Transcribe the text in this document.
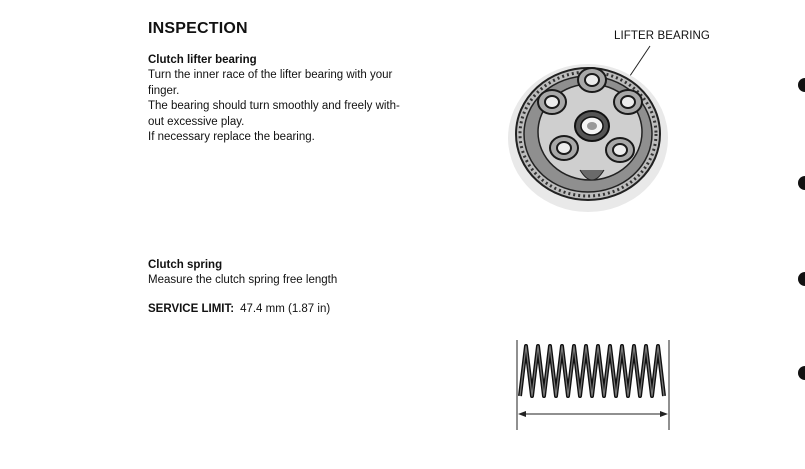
INSPECTION
Clutch lifter bearing

Turn the inner race of the lifter bearing with your

finger.

The bearing should turn smoothly and freely with-

out excessive play.

If necessary replace the bearing.

Clutch spring
Measure the clutch spring free length
SERVICE LIMIT: 47.4 mm (1.87 in)
LIFTER BEARING
